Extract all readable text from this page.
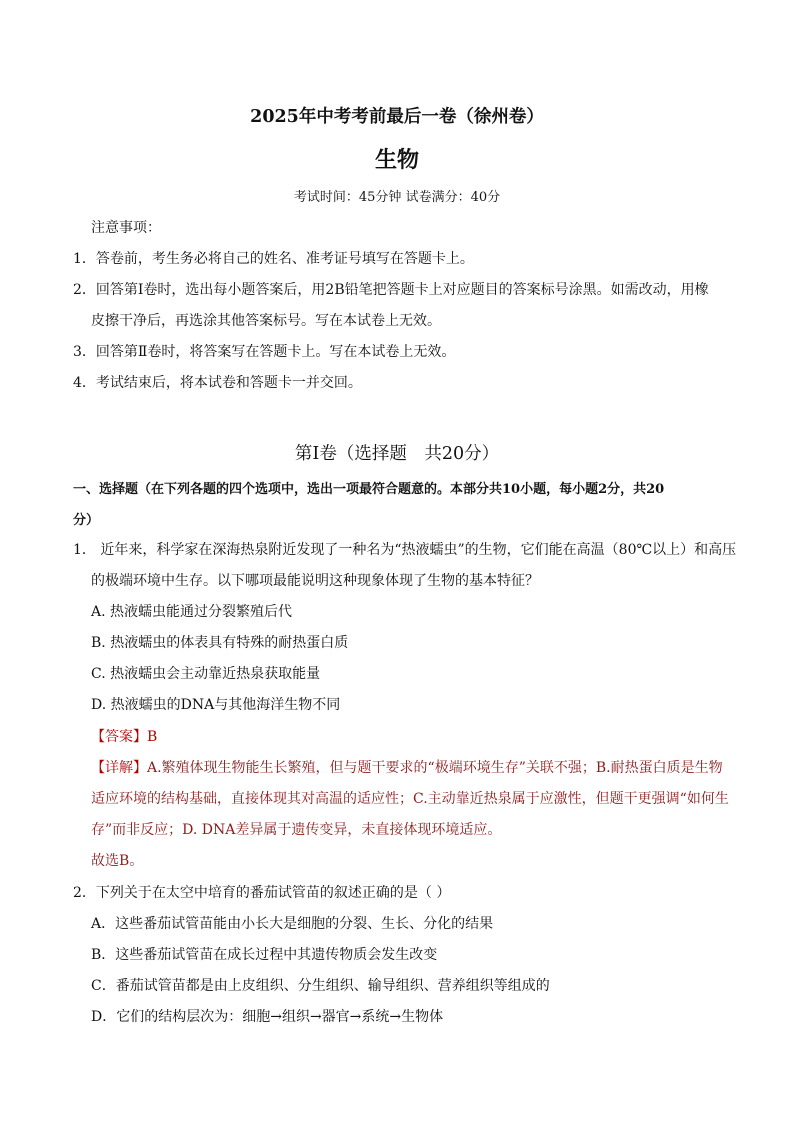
2025年中考考前最后一卷（徐州卷）
生物
考试时间：45分钟 试卷满分：40分
注意事项：
1．答卷前，考生务必将自己的姓名、准考证号填写在答题卡上。
2．回答第Ⅰ卷时，选出每小题答案后，用2B铅笔把答题卡上对应题目的答案标号涂黑。如需改动，用橡
皮擦干净后，再选涂其他答案标号。写在本试卷上无效。
3．回答第Ⅱ卷时，将答案写在答题卡上。写在本试卷上无效。
4．考试结束后，将本试卷和答题卡一并交回。
第Ⅰ卷（选择题　共20分）
一、选择题（在下列各题的四个选项中，选出一项最符合题意的。本部分共10小题，每小题2分，共20
分）
1． 近年来，科学家在深海热泉附近发现了一种名为“热液蠕虫”的生物，它们能在高温（80℃以上）和高压
的极端环境中生存。以下哪项最能说明这种现象体现了生物的基本特征？
A. 热液蠕虫能通过分裂繁殖后代
B. 热液蠕虫的体表具有特殊的耐热蛋白质
C. 热液蠕虫会主动靠近热泉获取能量
D. 热液蠕虫的DNA与其他海洋生物不同
【答案】B
【详解】A.繁殖体现生物能生长繁殖，但与题干要求的“极端环境生存”关联不强；B.耐热蛋白质是生物
适应环境的结构基础，直接体现其对高温的适应性；C.主动靠近热泉属于应激性，但题干更强调“如何生
存”而非反应；D. DNA差异属于遗传变异，未直接体现环境适应。
故选B。
2．下列关于在太空中培育的番茄试管苗的叙述正确的是（ ）
A．这些番茄试管苗能由小长大是细胞的分裂、生长、分化的结果
B．这些番茄试管苗在成长过程中其遗传物质会发生改变
C．番茄试管苗都是由上皮组织、分生组织、输导组织、营养组织等组成的
D．它们的结构层次为：细胞→组织→器官→系统→生物体
